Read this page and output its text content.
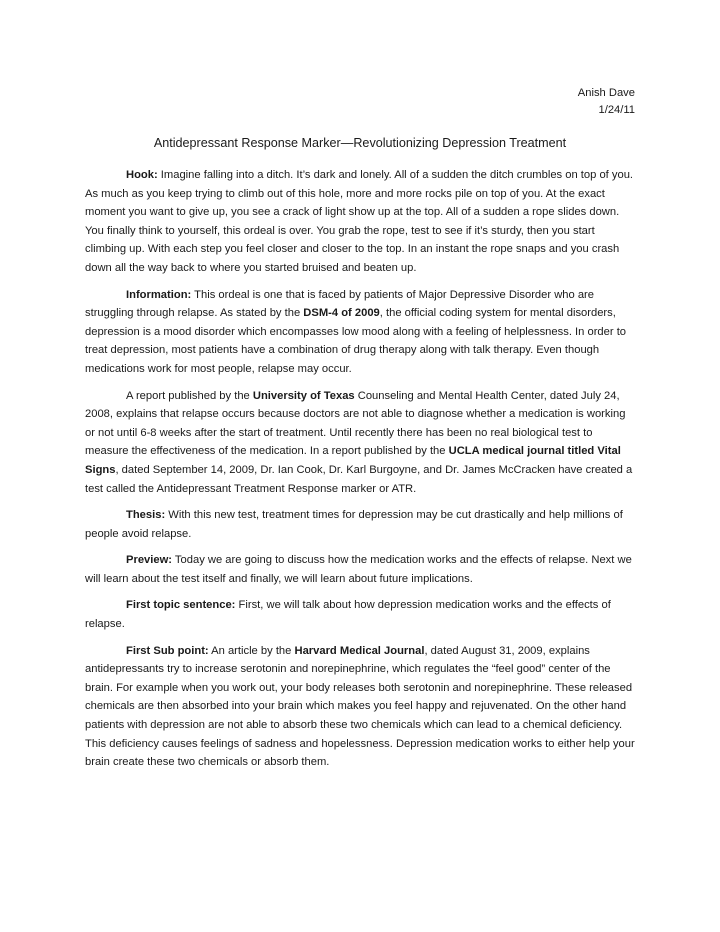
Anish Dave
1/24/11
Antidepressant Response Marker—Revolutionizing Depression Treatment

Hook: Imagine falling into a ditch. It’s dark and lonely. All of a sudden the ditch crumbles on top of you. As much as you keep trying to climb out of this hole, more and more rocks pile on top of you. At the exact moment you want to give up, you see a crack of light show up at the top. All of a sudden a rope slides down. You finally think to yourself, this ordeal is over. You grab the rope, test to see if it’s sturdy, then you start climbing up. With each step you feel closer and closer to the top. In an instant the rope snaps and you crash down all the way back to where you started bruised and beaten up.

Information: This ordeal is one that is faced by patients of Major Depressive Disorder who are struggling through relapse. As stated by the DSM-4 of 2009, the official coding system for mental disorders, depression is a mood disorder which encompasses low mood along with a feeling of helplessness. In order to treat depression, most patients have a combination of drug therapy along with talk therapy. Even though medications work for most people, relapse may occur.

A report published by the University of Texas Counseling and Mental Health Center, dated July 24, 2008, explains that relapse occurs because doctors are not able to diagnose whether a medication is working or not until 6-8 weeks after the start of treatment. Until recently there has been no real biological test to measure the effectiveness of the medication. In a report published by the UCLA medical journal titled Vital Signs, dated September 14, 2009, Dr. Ian Cook, Dr. Karl Burgoyne, and Dr. James McCracken have created a test called the Antidepressant Treatment Response marker or ATR.

Thesis: With this new test, treatment times for depression may be cut drastically and help millions of people avoid relapse.

Preview: Today we are going to discuss how the medication works and the effects of relapse. Next we will learn about the test itself and finally, we will learn about future implications.

First topic sentence: First, we will talk about how depression medication works and the effects of relapse.

First Sub point: An article by the Harvard Medical Journal, dated August 31, 2009, explains antidepressants try to increase serotonin and norepinephrine, which regulates the “feel good” center of the brain. For example when you work out, your body releases both serotonin and norepinephrine. These released chemicals are then absorbed into your brain which makes you feel happy and rejuvenated. On the other hand patients with depression are not able to absorb these two chemicals which can lead to a chemical deficiency. This deficiency causes feelings of sadness and hopelessness. Depression medication works to either help your brain create these two chemicals or absorb them.
